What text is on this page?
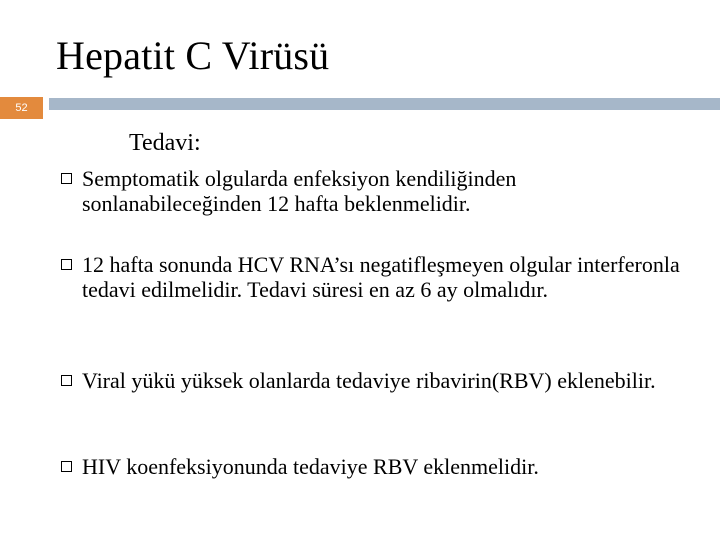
Hepatit C Virüsü
52
Tedavi:
Semptomatik olgularda enfeksiyon kendiliğinden sonlanabileceğinden 12 hafta beklenmelidir.
12 hafta sonunda HCV RNA’sı negatifleşmeyen olgular interferonla tedavi edilmelidir. Tedavi süresi en az 6 ay olmalıdır.
Viral yükü yüksek olanlarda tedaviye ribavirin(RBV) eklenebilir.
HIV koenfeksiyonunda tedaviye RBV eklenmelidir.
